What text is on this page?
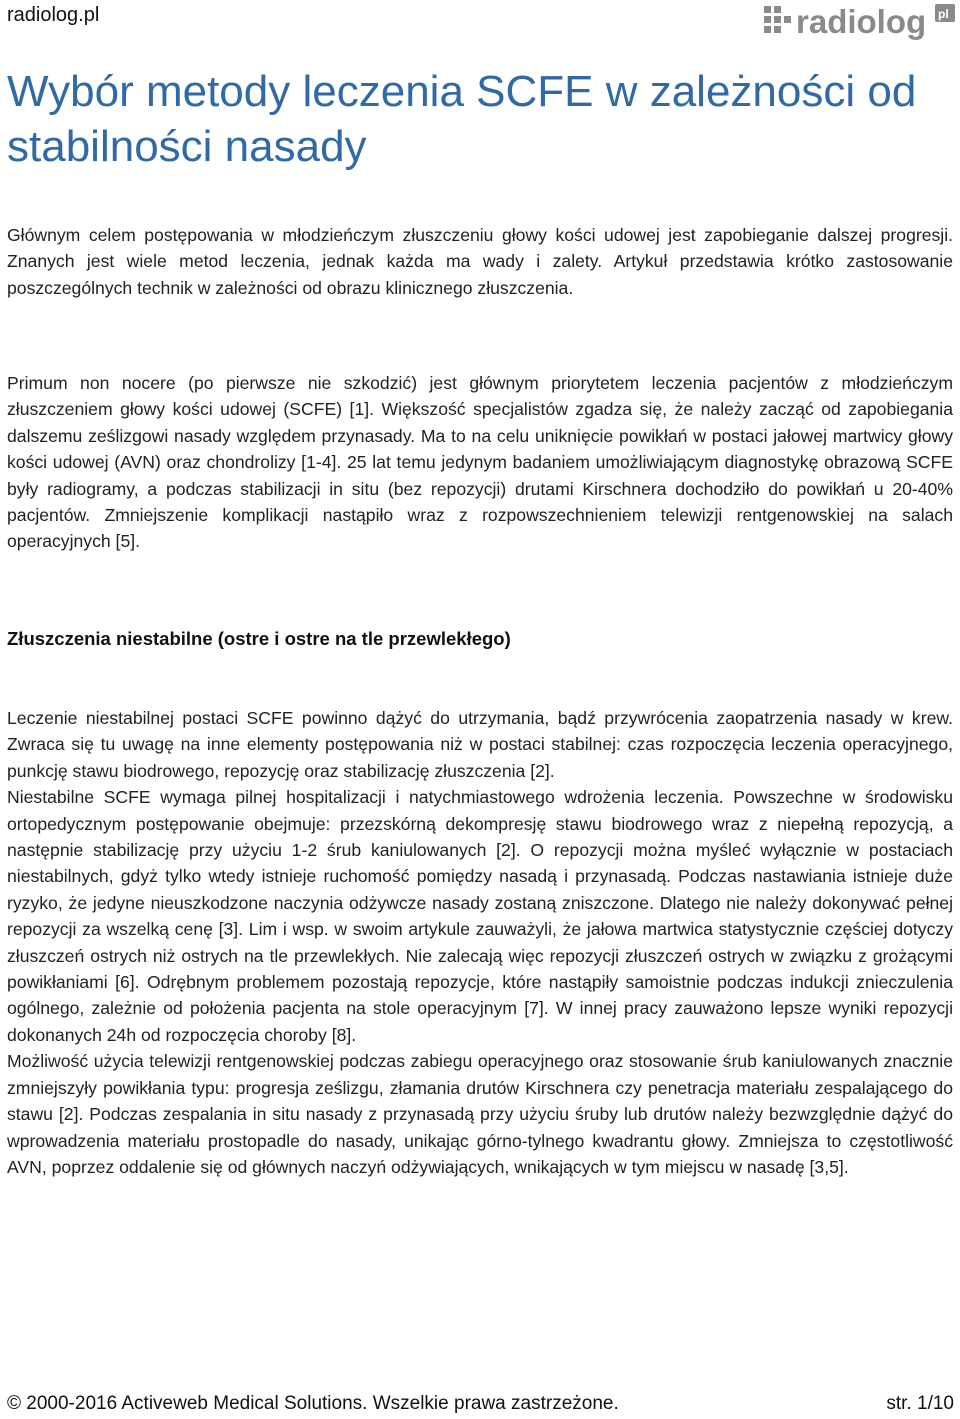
radiolog.pl	radiolog pl
Wybór metody leczenia SCFE w zależności od stabilności nasady

Głównym celem postępowania w młodzieńczym złuszczeniu głowy kości udowej jest zapobieganie dalszej progresji. Znanych jest wiele metod leczenia, jednak każda ma wady i zalety. Artykuł przedstawia krótko zastosowanie poszczególnych technik w zależności od obrazu klinicznego złuszczenia.

Primum non nocere (po pierwsze nie szkodzić) jest głównym priorytetem leczenia pacjentów z młodzieńczym złuszczeniem głowy kości udowej (SCFE) [1]. Większość specjalistów zgadza się, że należy zacząć od zapobiegania dalszemu ześlizgowi nasady względem przynasady. Ma to na celu uniknięcie powikłań w postaci jałowej martwicy głowy kości udowej (AVN) oraz chondrolizy [1-4]. 25 lat temu jedynym badaniem umożliwiającym diagnostykę obrazową SCFE były radiogramy, a podczas stabilizacji in situ (bez repozycji) drutami Kirschnera dochodziło do powikłań u 20-40% pacjentów. Zmniejszenie komplikacji nastąpiło wraz z rozpowszechnieniem telewizji rentgenowskiej na salach operacyjnych [5].

Złuszczenia niestabilne (ostre i ostre na tle przewlekłego)

Leczenie niestabilnej postaci SCFE powinno dążyć do utrzymania, bądź przywrócenia zaopatrzenia nasady w krew. Zwraca się tu uwagę na inne elementy postępowania niż w postaci stabilnej: czas rozpoczęcia leczenia operacyjnego, punkcję stawu biodrowego, repozycję oraz stabilizację złuszczenia [2].

Niestabilne SCFE wymaga pilnej hospitalizacji i natychmiastowego wdrożenia leczenia. Powszechne w środowisku ortopedycznym postępowanie obejmuje: przezskórną dekompresję stawu biodrowego wraz z niepełną repozycją, a następnie stabilizację przy użyciu 1-2 śrub kaniulowanych [2]. O repozycji można myśleć wyłącznie w postaciach niestabilnych, gdyż tylko wtedy istnieje ruchomość pomiędzy nasadą i przynasadą. Podczas nastawiania istnieje duże ryzyko, że jedyne nieuszkodzone naczynia odżywcze nasady zostaną zniszczone. Dlatego nie należy dokonywać pełnej repozycji za wszelką cenę [3]. Lim i wsp. w swoim artykule zauważyli, że jałowa martwica statystycznie częściej dotyczy złuszczeń ostrych niż ostrych na tle przewlekłych. Nie zalecają więc repozycji złuszczeń ostrych w związku z grożącymi powikłaniami [6]. Odrębnym problemem pozostają repozycje, które nastąpiły samoistnie podczas indukcji znieczulenia ogólnego, zależnie od położenia pacjenta na stole operacyjnym [7]. W innej pracy zauważono lepsze wyniki repozycji dokonanych 24h od rozpoczęcia choroby [8].

Możliwość użycia telewizji rentgenowskiej podczas zabiegu operacyjnego oraz stosowanie śrub kaniulowanych znacznie zmniejszyły powikłania typu: progresja ześlizgu, złamania drutów Kirschnera czy penetracja materiału zespalającego do stawu [2]. Podczas zespalania in situ nasady z przynasadą przy użyciu śruby lub drutów należy bezwzględnie dążyć do wprowadzenia materiału prostopadle do nasady, unikając górno-tylnego kwadrantu głowy. Zmniejsza to częstotliwość AVN, poprzez oddalenie się od głównych naczyń odżywiających, wnikających w tym miejscu w nasadę [3,5].

© 2000-2016 Activeweb Medical Solutions. Wszelkie prawa zastrzeżone.	str. 1/10
